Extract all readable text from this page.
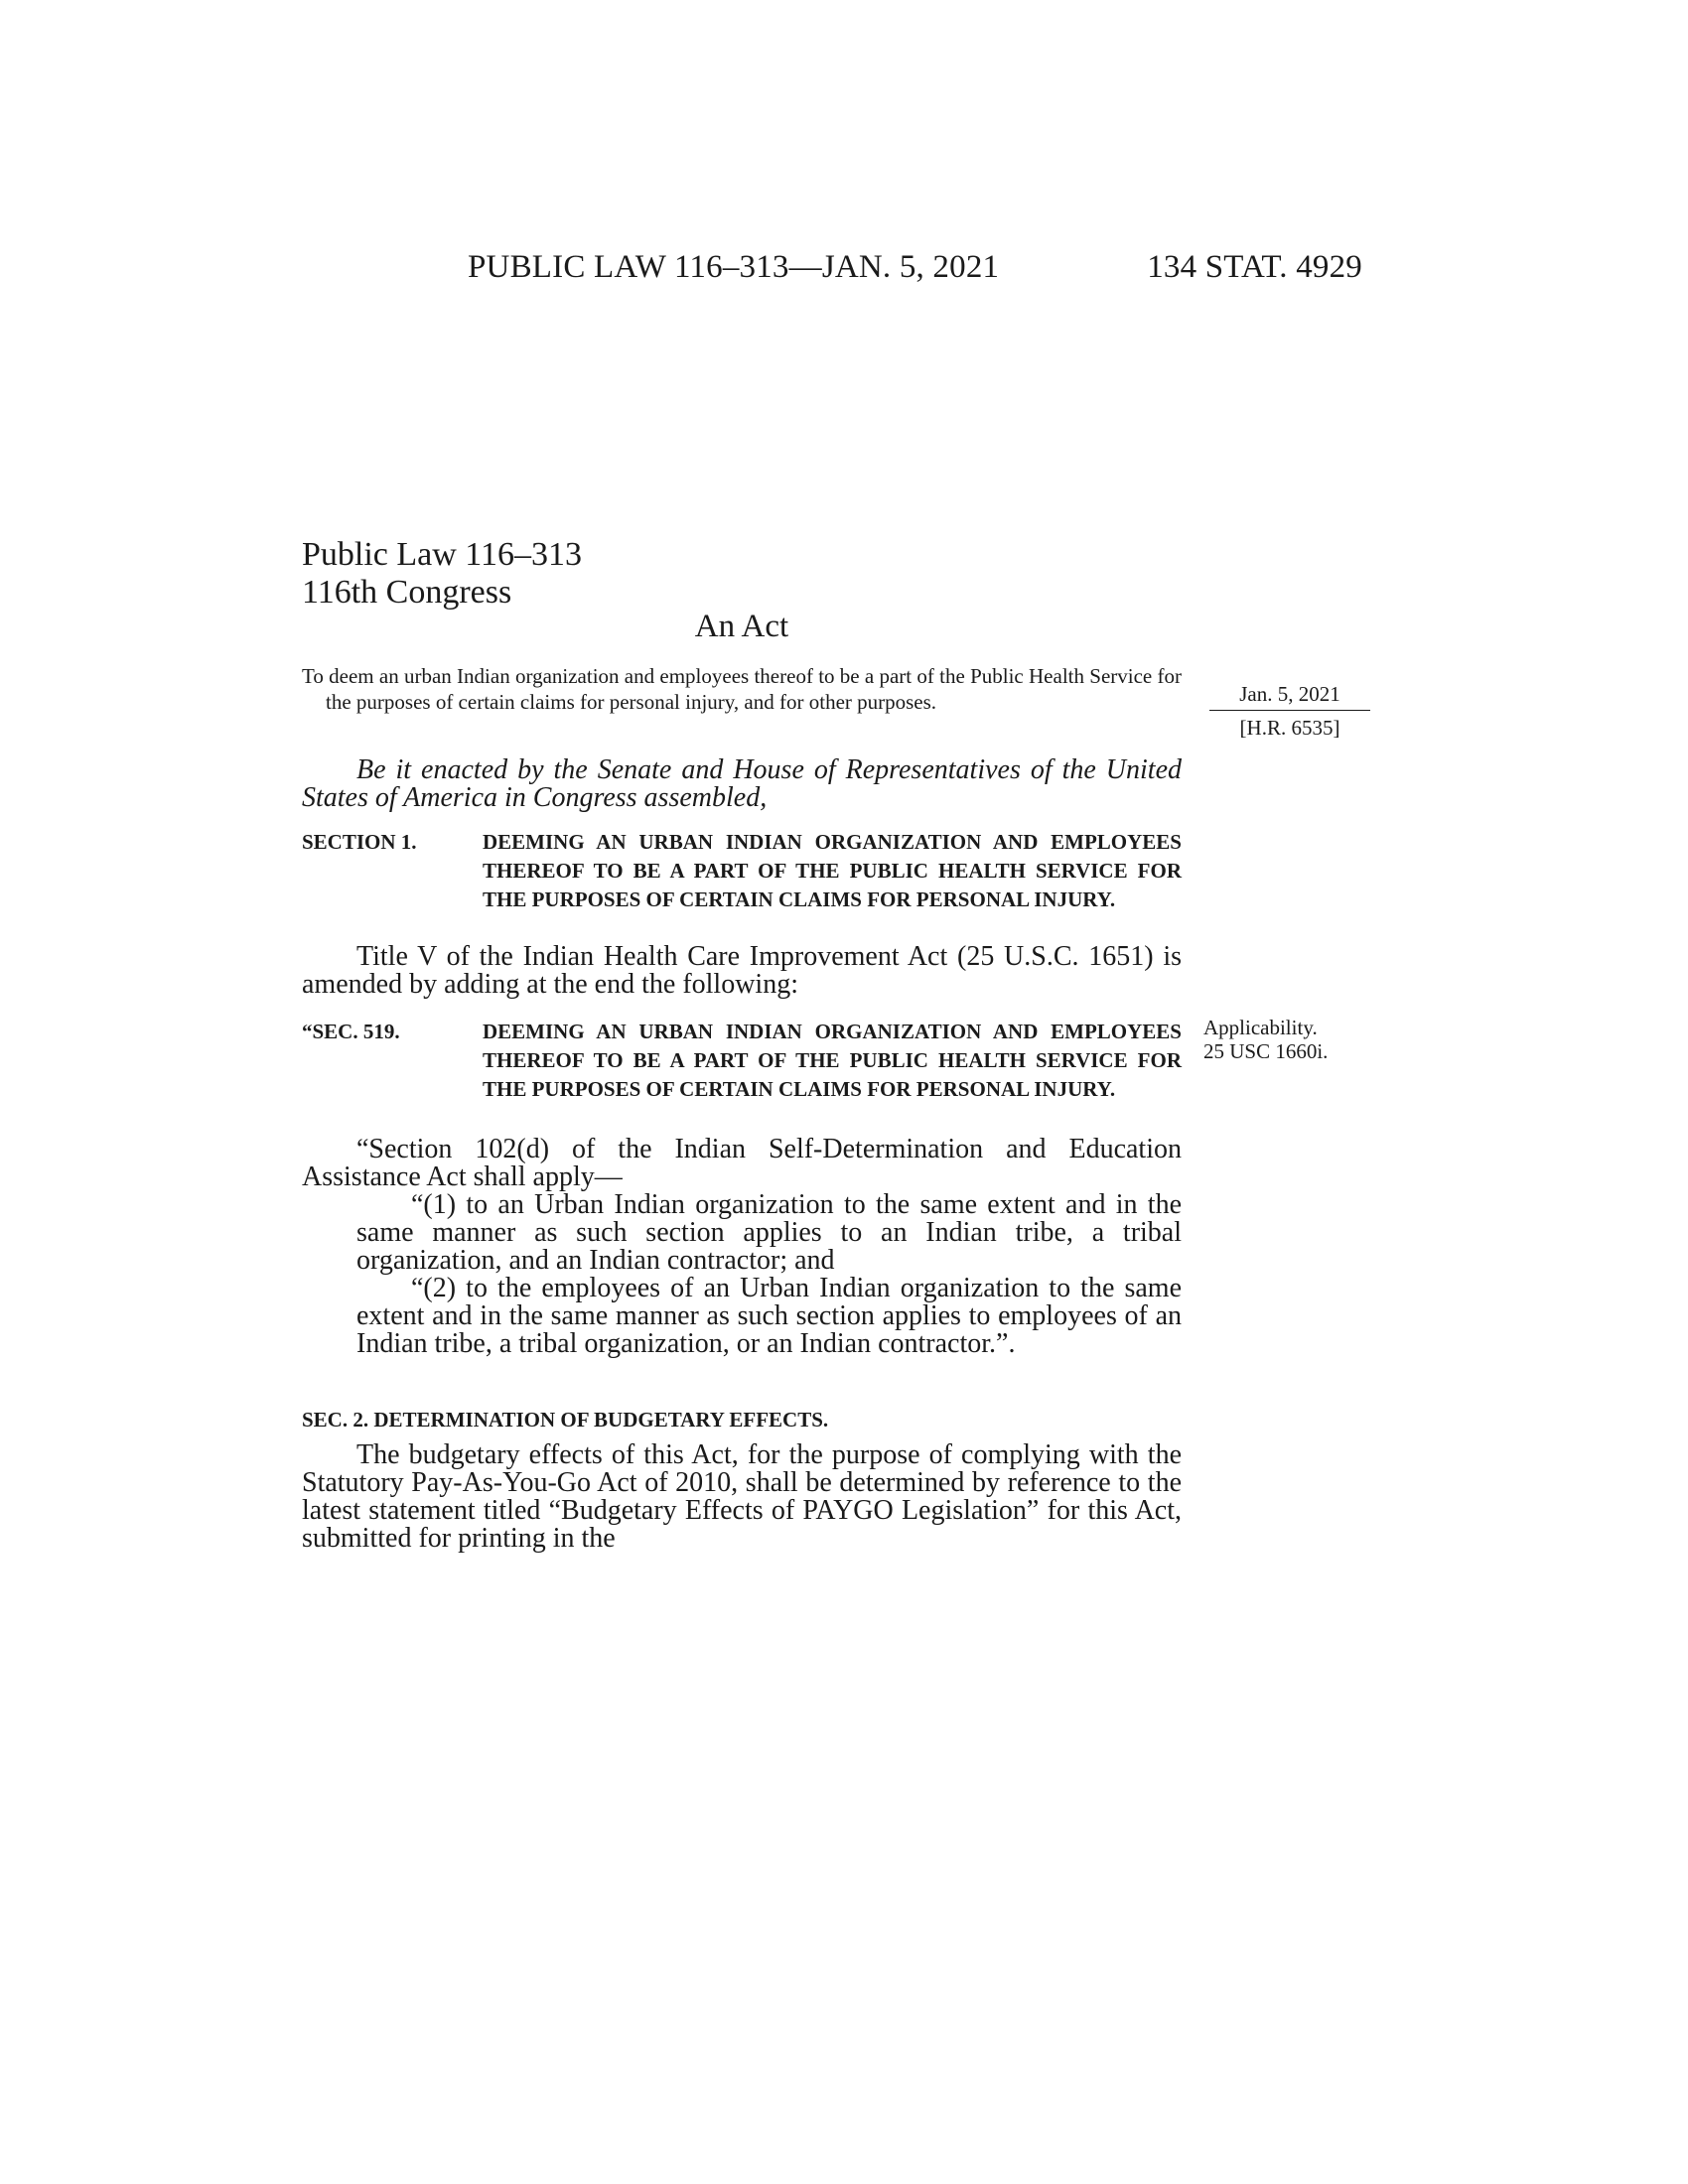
PUBLIC LAW 116–313—JAN. 5, 2021	134 STAT. 4929
Public Law 116–313
116th Congress
An Act
To deem an urban Indian organization and employees thereof to be a part of the Public Health Service for the purposes of certain claims for personal injury, and for other purposes.	Jan. 5, 2021
[H.R. 6535]
Be it enacted by the Senate and House of Representatives of the United States of America in Congress assembled,
SECTION 1.	DEEMING AN URBAN INDIAN ORGANIZATION AND EMPLOYEES THEREOF TO BE A PART OF THE PUBLIC HEALTH SERVICE FOR THE PURPOSES OF CERTAIN CLAIMS FOR PERSONAL INJURY.
Title V of the Indian Health Care Improvement Act (25 U.S.C. 1651) is amended by adding at the end the following:
“SEC. 519.	DEEMING AN URBAN INDIAN ORGANIZATION AND EMPLOYEES THEREOF TO BE A PART OF THE PUBLIC HEALTH SERVICE FOR THE PURPOSES OF CERTAIN CLAIMS FOR PERSONAL INJURY.
Applicability.
25 USC 1660i.
“Section 102(d) of the Indian Self-Determination and Education Assistance Act shall apply—
“(1) to an Urban Indian organization to the same extent and in the same manner as such section applies to an Indian tribe, a tribal organization, and an Indian contractor; and
“(2) to the employees of an Urban Indian organization to the same extent and in the same manner as such section applies to employees of an Indian tribe, a tribal organization, or an Indian contractor.”.
SEC. 2. DETERMINATION OF BUDGETARY EFFECTS.
The budgetary effects of this Act, for the purpose of complying with the Statutory Pay-As-You-Go Act of 2010, shall be determined by reference to the latest statement titled “Budgetary Effects of PAYGO Legislation” for this Act, submitted for printing in the
